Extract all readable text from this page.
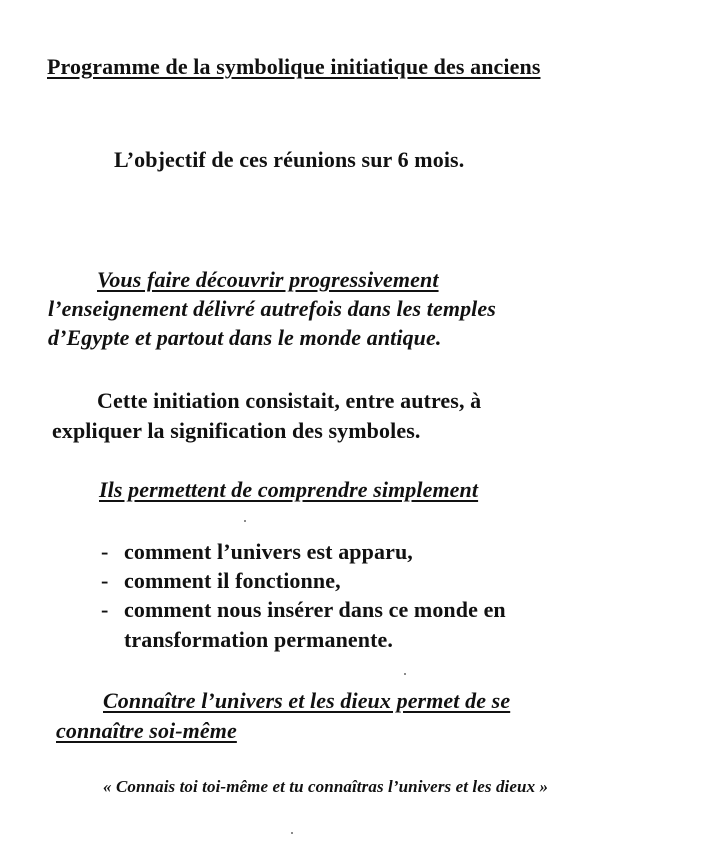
Programme de la symbolique initiatique des anciens

L’objectif de ces réunions sur 6 mois.

Vous faire découvrir progressivement

l’enseignement délivré autrefois dans les temples

d’Egypte et partout dans le monde antique.

Cette initiation consistait, entre autres, à

expliquer la signification des symboles.

Ils permettent de comprendre simplement

- comment l’univers est apparu,

- comment il fonctionne,

- comment nous insérer dans ce monde en

transformation permanente.

Connaître l’univers et les dieux permet de se

connaître soi-même

« Connais toi toi-même et tu connaîtras l’univers et les dieux »
